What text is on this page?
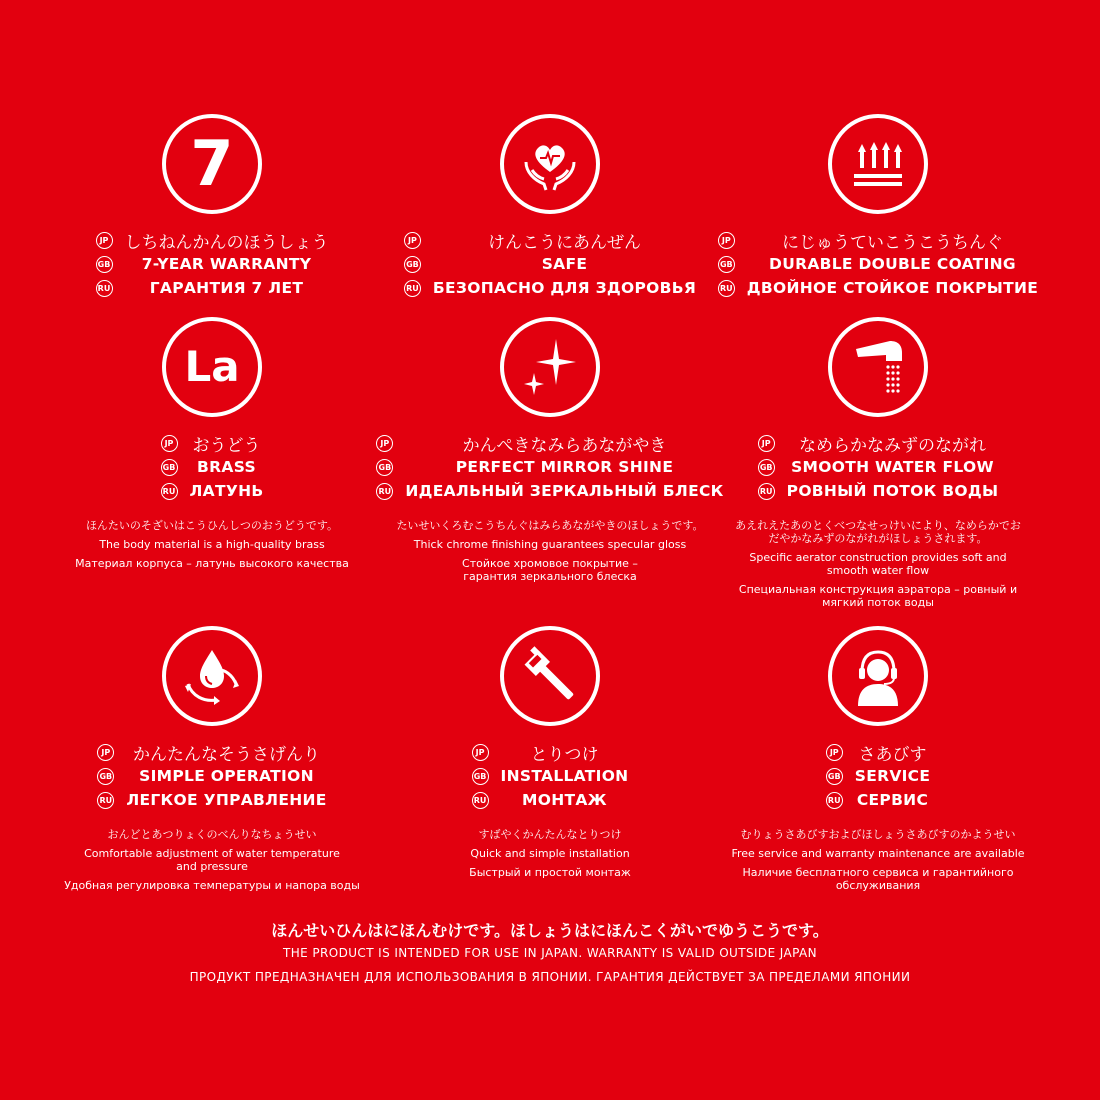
7
JP しちねんかんのほうしょう
GB	7-YEAR WARRANTY
RU	ГАРАНТИЯ 7 ЛЕТ
JP	けんこうにあんぜん
GB	SAFE
RU БЕЗОПАСНО ДЛЯ ЗДОРОВЬЯ
JP	にじゅうていこうこうちんぐ
GB	DURABLE DOUBLE COATING
RU ДВОЙНОЕ СТОЙКОЕ ПОКРЫТИЕ
La
JP おうどう
GB	BRASS
RU ЛАТУНЬ

ほんたいのそざいはこうひんしつのおうどうです。

The body material is a high-quality brass

Материал корпуса – латунь высокого качества

JP	かんぺきなみらあながやき
GB	PERFECT MIRROR SHINE
RU ИДЕАЛЬНЫЙ ЗЕРКАЛЬНЫЙ БЛЕСК

たいせいくろむこうちんぐはみらあながやきのほしょうです。

Thick chrome finishing guarantees specular gloss

Стойкое хромовое покрытие – гарантия зеркального блеска

JP	なめらかなみずのながれ
GB SMOOTH WATER FLOW
RU РОВНЫЙ ПОТОК ВОДЫ

あえれえたあのとくべつなせっけいにより、なめらかでおだやかなみずのながれがほしょうされます。

Specific aerator construction provides soft and smooth water flow

Специальная конструкция аэратора – ровный и мягкий поток воды

JP	かんたんなそうさげんり
GB	SIMPLE OPERATION
RU ЛЕГКОЕ УПРАВЛЕНИЕ

おんどとあつりょくのべんりなちょうせい

Comfortable adjustment of water temperature and pressure

Удобная регулировка температуры и напора воды

JP	とりつけ
GB INSTALLATION
RU	МОНТАЖ

すばやくかんたんなとりつけ

Quick and simple installation

Быстрый и простой монтаж

JP さあびす
GB SERVICE
RU СЕРВИС

むりょうさあびすおよびほしょうさあびすのかようせい

Free service and warranty maintenance are available

Наличие бесплатного сервиса и гарантийного обслуживания

ほんせいひんはにほんむけです。ほしょうはにほんこくがいでゆうこうです。
THE PRODUCT IS INTENDED FOR USE IN JAPAN. WARRANTY IS VALID OUTSIDE JAPAN
ПРОДУКТ ПРЕДНАЗНАЧЕН ДЛЯ ИСПОЛЬЗОВАНИЯ В ЯПОНИИ. ГАРАНТИЯ ДЕЙСТВУЕТ ЗА ПРЕДЕЛАМИ ЯПОНИИ
